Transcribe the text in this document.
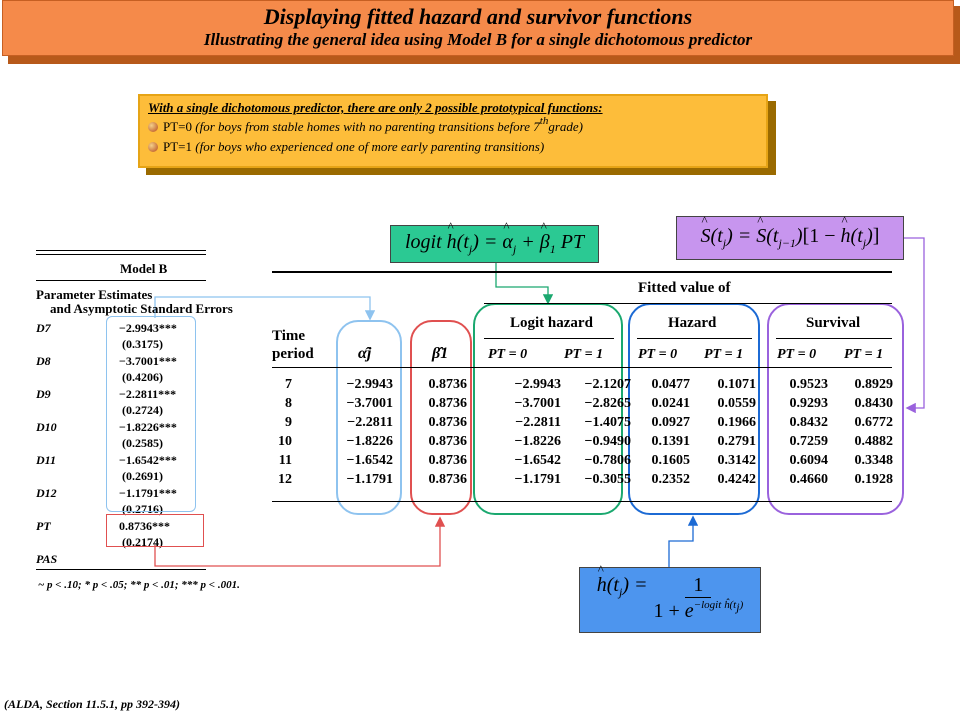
Displaying fitted hazard and survivor functions
Illustrating the general idea using Model B for a single dichotomous predictor
With a single dichotomous predictor, there are only 2 possible prototypical functions:
PT=0
(for boys from stable homes with no parenting transitions before 7 th grade)
PT=1
(for boys who experienced one of more early parenting transitions)
logit ^ $h(t_j)$ = ^ $\alpha_j$ + ^ $\beta_1$ PT
^	$S(t_j)$ = ^ $S(t_{j-1})[1$ − ^ $h(t_j)$]
^ $h(t_j) = \frac{1}{1 + e^{-logit ĥ(t_j)}}$
Model B
Parameter Estimates
and Asymptotic Standard Errors
D7	−2.9943***
(0.3175)
D8	−3.7001***
(0.4206)
D9	−2.2811***
(0.2724)
D10	−1.8226***
(0.2585)
D11	−1.6542***
(0.2691)
D12	−1.1791***
(0.2716)
PT	0.8736***
(0.2174)
PAS
~ p < .10; * p < .05; ** p < .01; *** p < .001.
Fitted value of
Logit hazard	Hazard	Survival
Time
period	α̂j	β̂1	PT = 0	PT = 1 PT = 0 PT = 1 PT = 0 PT = 1
7	−2.9943	0.8736	−2.9943 −2.1207 0.0477 0.1071 0.9523 0.8929
8	−3.7001	0.8736	−3.7001 −2.8265 0.0241 0.0559 0.9293 0.8430
9	−2.2811	0.8736	−2.2811 −1.4075 0.0927 0.1966 0.8432 0.6772
10	−1.8226	0.8736	−1.8226 −0.9490 0.1391 0.2791 0.7259 0.4882
11	−1.6542	0.8736	−1.6542 −0.7806 0.1605 0.3142 0.6094 0.3348
12	−1.1791	0.8736	−1.1791 −0.3055 0.2352 0.4242 0.4660 0.1928
(ALDA, Section 11.5.1, pp 392-394)
